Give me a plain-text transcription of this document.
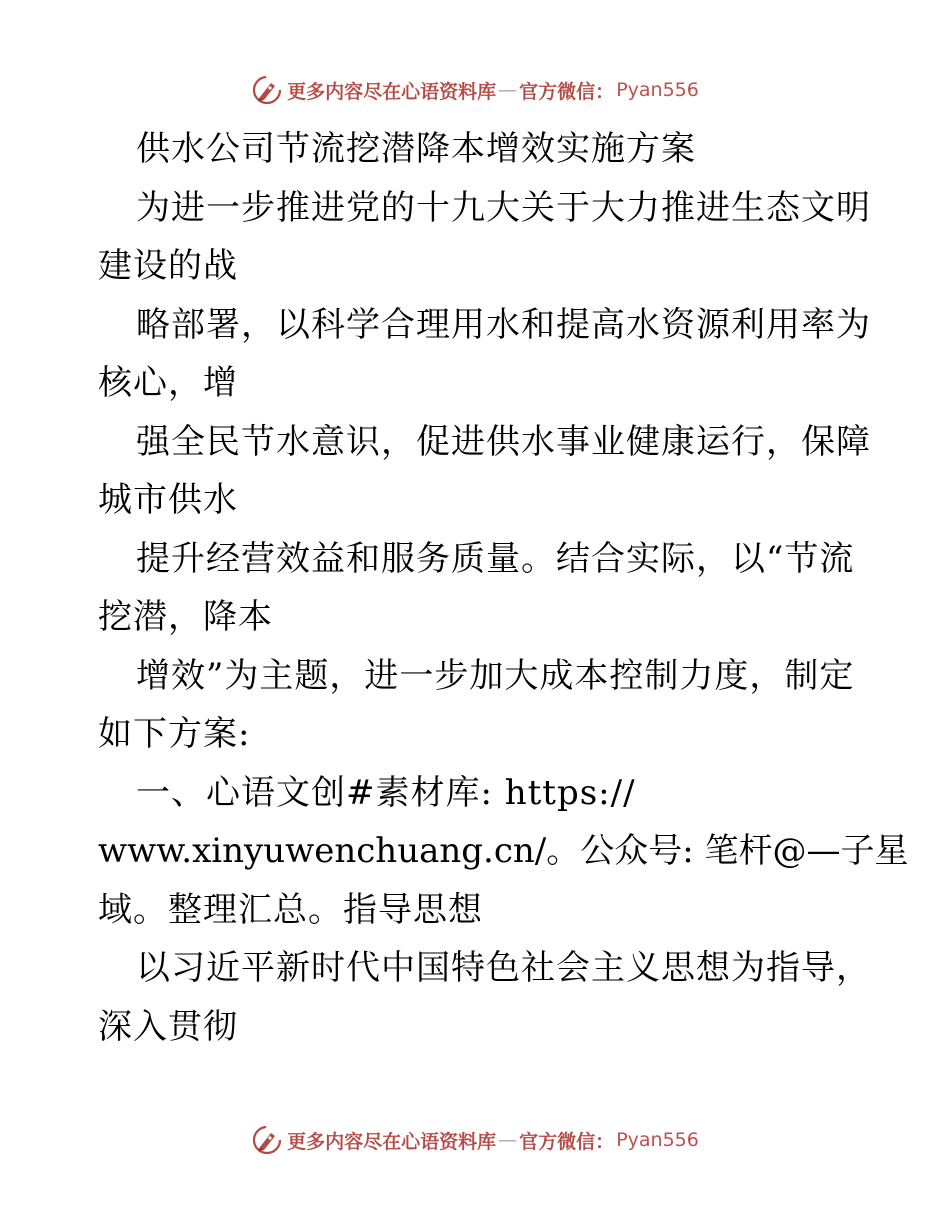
更多内容尽在心语资料库 — 官方微信： Pyan556
供水公司节流挖潜降本增效实施方案
为进一步推进党的十九大关于大力推进生态文明
建设的战
略部署，以科学合理用水和提高水资源利用率为
核心，增
强全民节水意识，促进供水事业健康运行，保障
城市供水
提升经营效益和服务质量。结合实际，以“节流
挖潜，降本
增效”为主题，进一步加大成本控制力度，制定
如下方案:
一、心语文创#素材库: https://
www.xinyuwenchuang.cn/。公众号: 笔杆@—子星
域。整理汇总。指导思想
以习近平新时代中国特色社会主义思想为指导，
深入贯彻
更多内容尽在心语资料库 — 官方微信： Pyan556
